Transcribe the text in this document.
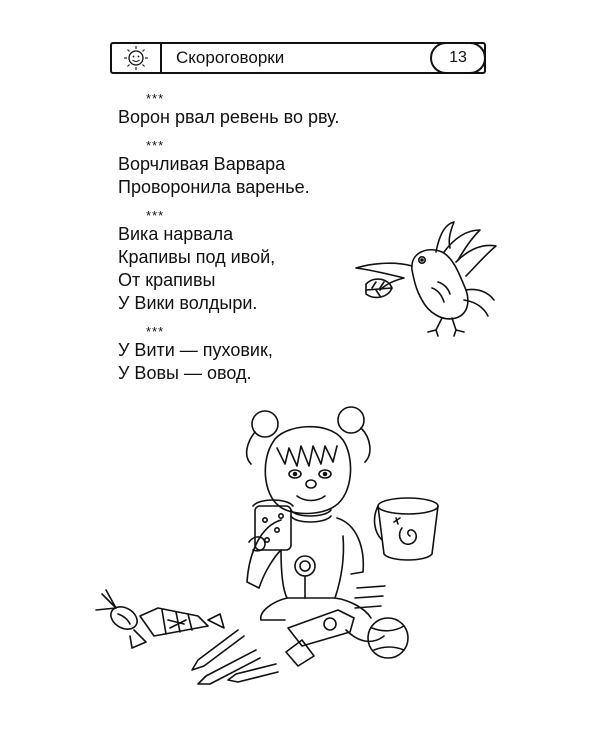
Скороговорки	13
***
Ворон рвал ревень во рву.
***
Ворчливая Варвара
Проворонила варенье.
***
Вика нарвала
Крапивы под ивой,
От крапивы
У Вики волдыри.
***
У Вити — пуховик,
У Вовы — овод.
